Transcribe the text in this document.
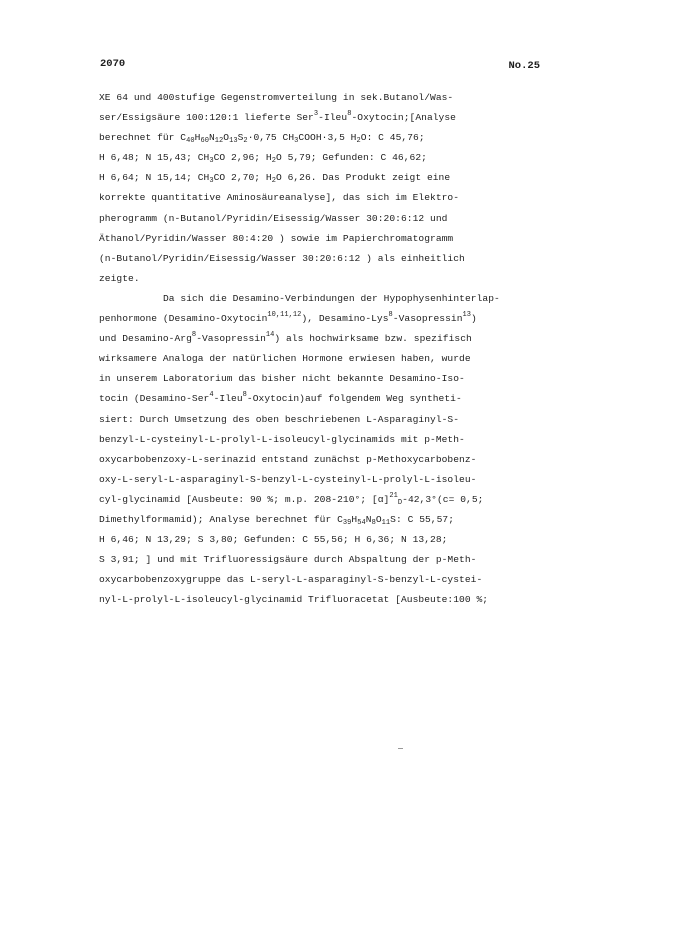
2070	No.25
XE 64 und 400stufige Gegenstromverteilung in sek.Butanol/Was-
ser/Essigsäure 100:120:1 lieferte Ser$^3$-Ileu$^8$-Oxytocin;[Analyse
berechnet für $C_{40}H_{60}N_{12}O_{13}S_2\cdot 0,75$ $CH_3COOH\cdot 3,5$ $H_2O$: C 45,76;
H 6,48; N 15,43; $CH_3CO$ 2,96; $H_2O$ 5,79; Gefunden: C 46,62;
H 6,64; N 15,14; $CH_3CO$ 2,70; $H_2O$ 6,26. Das Produkt zeigt eine
korrekte quantitative Aminosäureanalyse], das sich im Elektro-
pherogramm (n-Butanol/Pyridin/Eisessig/Wasser 30:20:6:12 und
Äthanol/Pyridin/Wasser 80:4:20 ) sowie im Papierchromatogramm
(n-Butanol/Pyridin/Eisessig/Wasser 30:20:6:12 ) als einheitlich
zeigte.
Da sich die Desamino-Verbindungen der Hypophysenhinterlap-
penhormone (Desamino-Oxytocin$^{10,11,12}$), Desamino-Lys$^8$-Vasopressin$^{13}$)
und Desamino-Arg$^8$-Vasopressin$^{14}$) als hochwirksame bzw. spezifisch
wirksamere Analoga der natürlichen Hormone erwiesen haben, wurde
in unserem Laboratorium das bisher nicht bekannte Desamino-Iso-
tocin (Desamino-Ser$^4$-Ileu$^8$-Oxytocin)auf folgendem Weg syntheti-
siert: Durch Umsetzung des oben beschriebenen L-Asparaginyl-S-
benzyl-L-cysteinyl-L-prolyl-L-isoleucyl-glycinamids mit p-Meth-
oxycarbobenzoxy-L-serinazid entstand zunächst p-Methoxycarbobenz-
oxy-L-seryl-L-asparaginyl-S-benzyl-L-cysteinyl-L-prolyl-L-isoleu-
cyl-glycinamid [Ausbeute: 90 %; m.p. 208-210°; $[\alpha]^{21}_D-42,3^\circ(c= 0,5$;
Dimethylformamid); Analyse berechnet für $C_{39}H_{54}N_8O_{11}S$: C 55,57;
H 6,46; N 13,29; S 3,80; Gefunden: C 55,56; H 6,36; N 13,28;
S 3,91; ] und mit Trifluoressigsäure durch Abspaltung der p-Meth-
oxycarbobenzoxygruppe das L-seryl-L-asparaginyl-S-benzyl-L-cystei-
nyl-L-prolyl-L-isoleucyl-glycinamid Trifluoracetat [Ausbeute:100 %;
